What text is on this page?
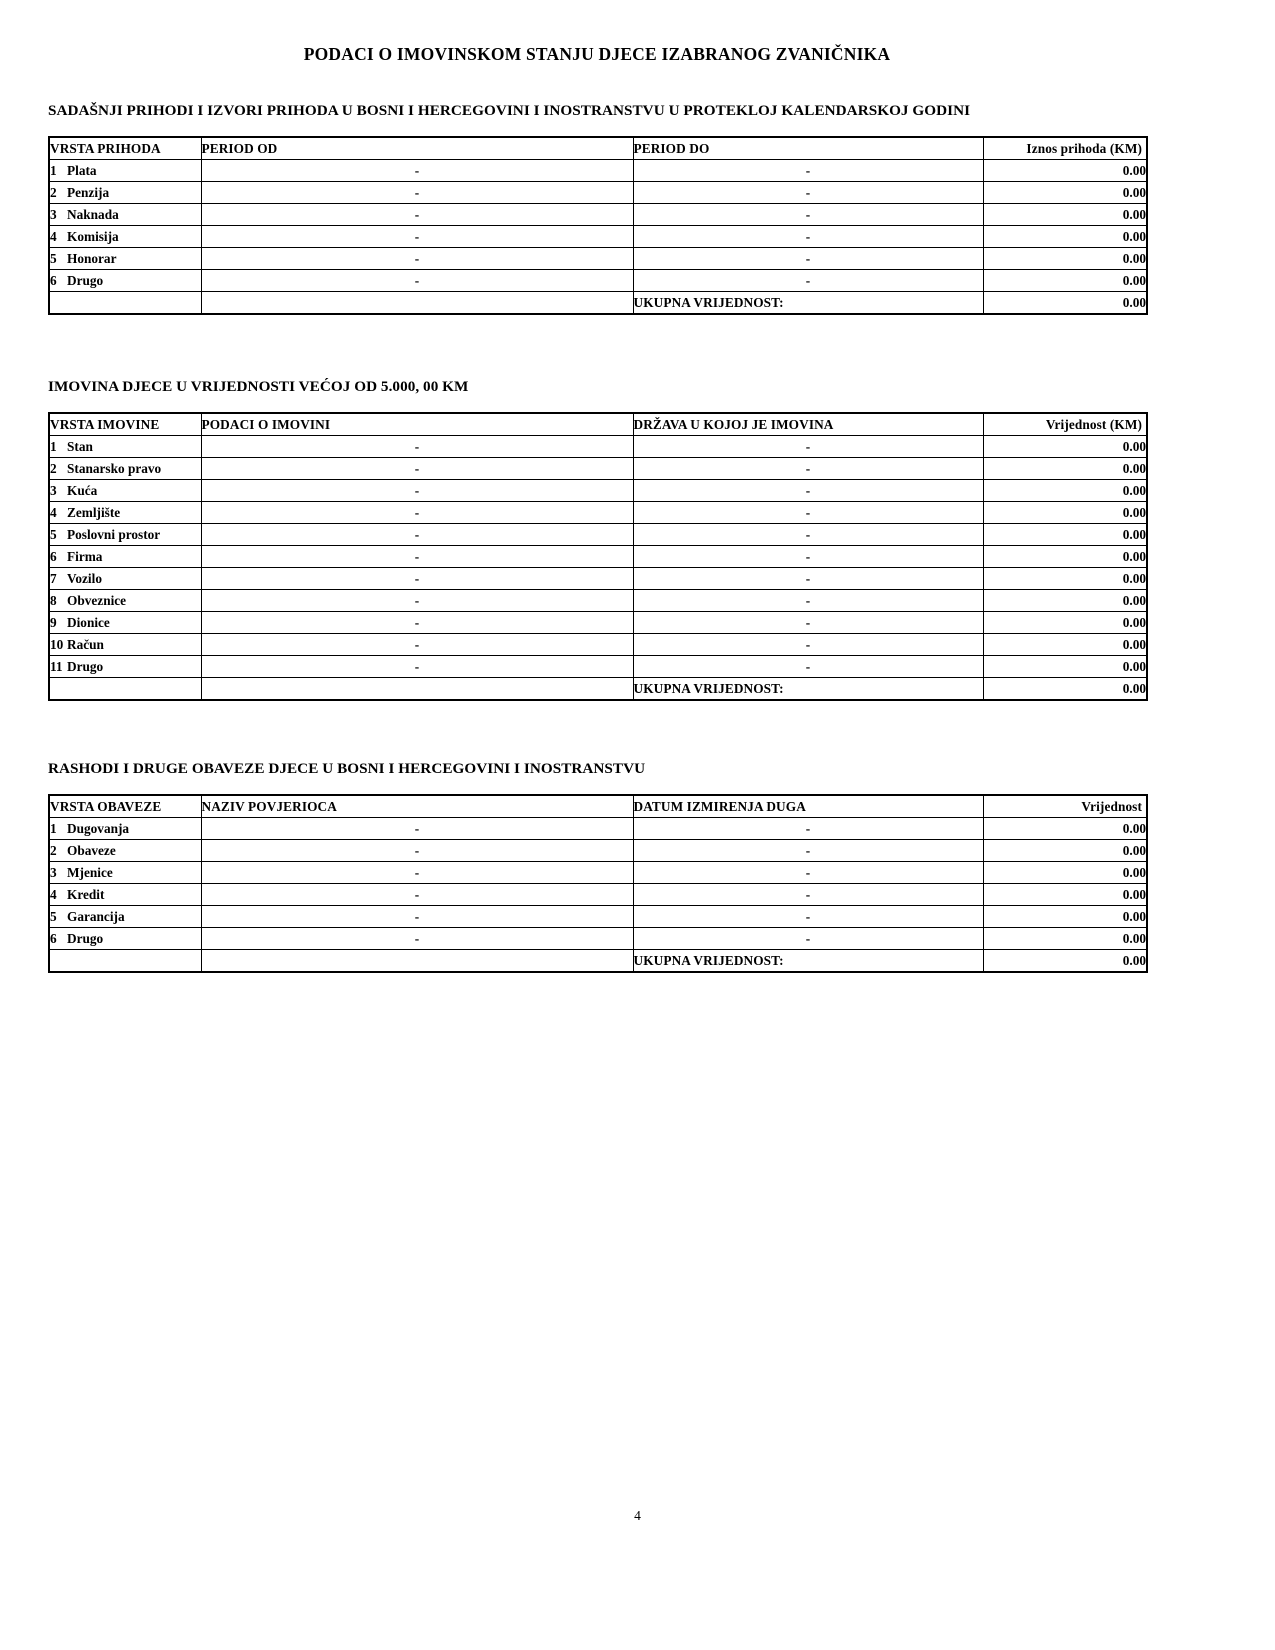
PODACI O IMOVINSKOM STANJU DJECE IZABRANOG ZVANIČNIKA
SADAŠNJI PRIHODI I IZVORI PRIHODA U BOSNI I HERCEGOVINI I INOSTRANSTVU U PROTEKLOJ KALENDARSKOJ GODINI
VRSTA PRIHODA	PERIOD OD	PERIOD DO	Iznos prihoda (KM)
1 Plata	-	-	0.00
2 Penzija	-	-	0.00
3 Naknada	-	-	0.00
4 Komisija	-	-	0.00
5 Honorar	-	-	0.00
6 Drugo	-	-	0.00
		UKUPNA VRIJEDNOST:	0.00
IMOVINA DJECE U VRIJEDNOSTI VEĆOJ OD 5.000, 00 KM
VRSTA IMOVINE	PODACI O IMOVINI	DRŽAVA U KOJOJ JE IMOVINA	Vrijednost (KM)
1 Stan	-	-	0.00
2 Stanarsko pravo	-	-	0.00
3 Kuća	-	-	0.00
4 Zemljište	-	-	0.00
5 Poslovni prostor	-	-	0.00
6 Firma	-	-	0.00
7 Vozilo	-	-	0.00
8 Obveznice	-	-	0.00
9 Dionice	-	-	0.00
10 Račun	-	-	0.00
11 Drugo	-	-	0.00
		UKUPNA VRIJEDNOST:	0.00
RASHODI I DRUGE OBAVEZE DJECE U BOSNI I HERCEGOVINI I INOSTRANSTVU
VRSTA OBAVEZE	NAZIV POVJERIOCA	DATUM IZMIRENJA DUGA	Vrijednost
1 Dugovanja	-	-	0.00
2 Obaveze	-	-	0.00
3 Mjenice	-	-	0.00
4 Kredit	-	-	0.00
5 Garancija	-	-	0.00
6 Drugo	-	-	0.00
		UKUPNA VRIJEDNOST:	0.00
4
